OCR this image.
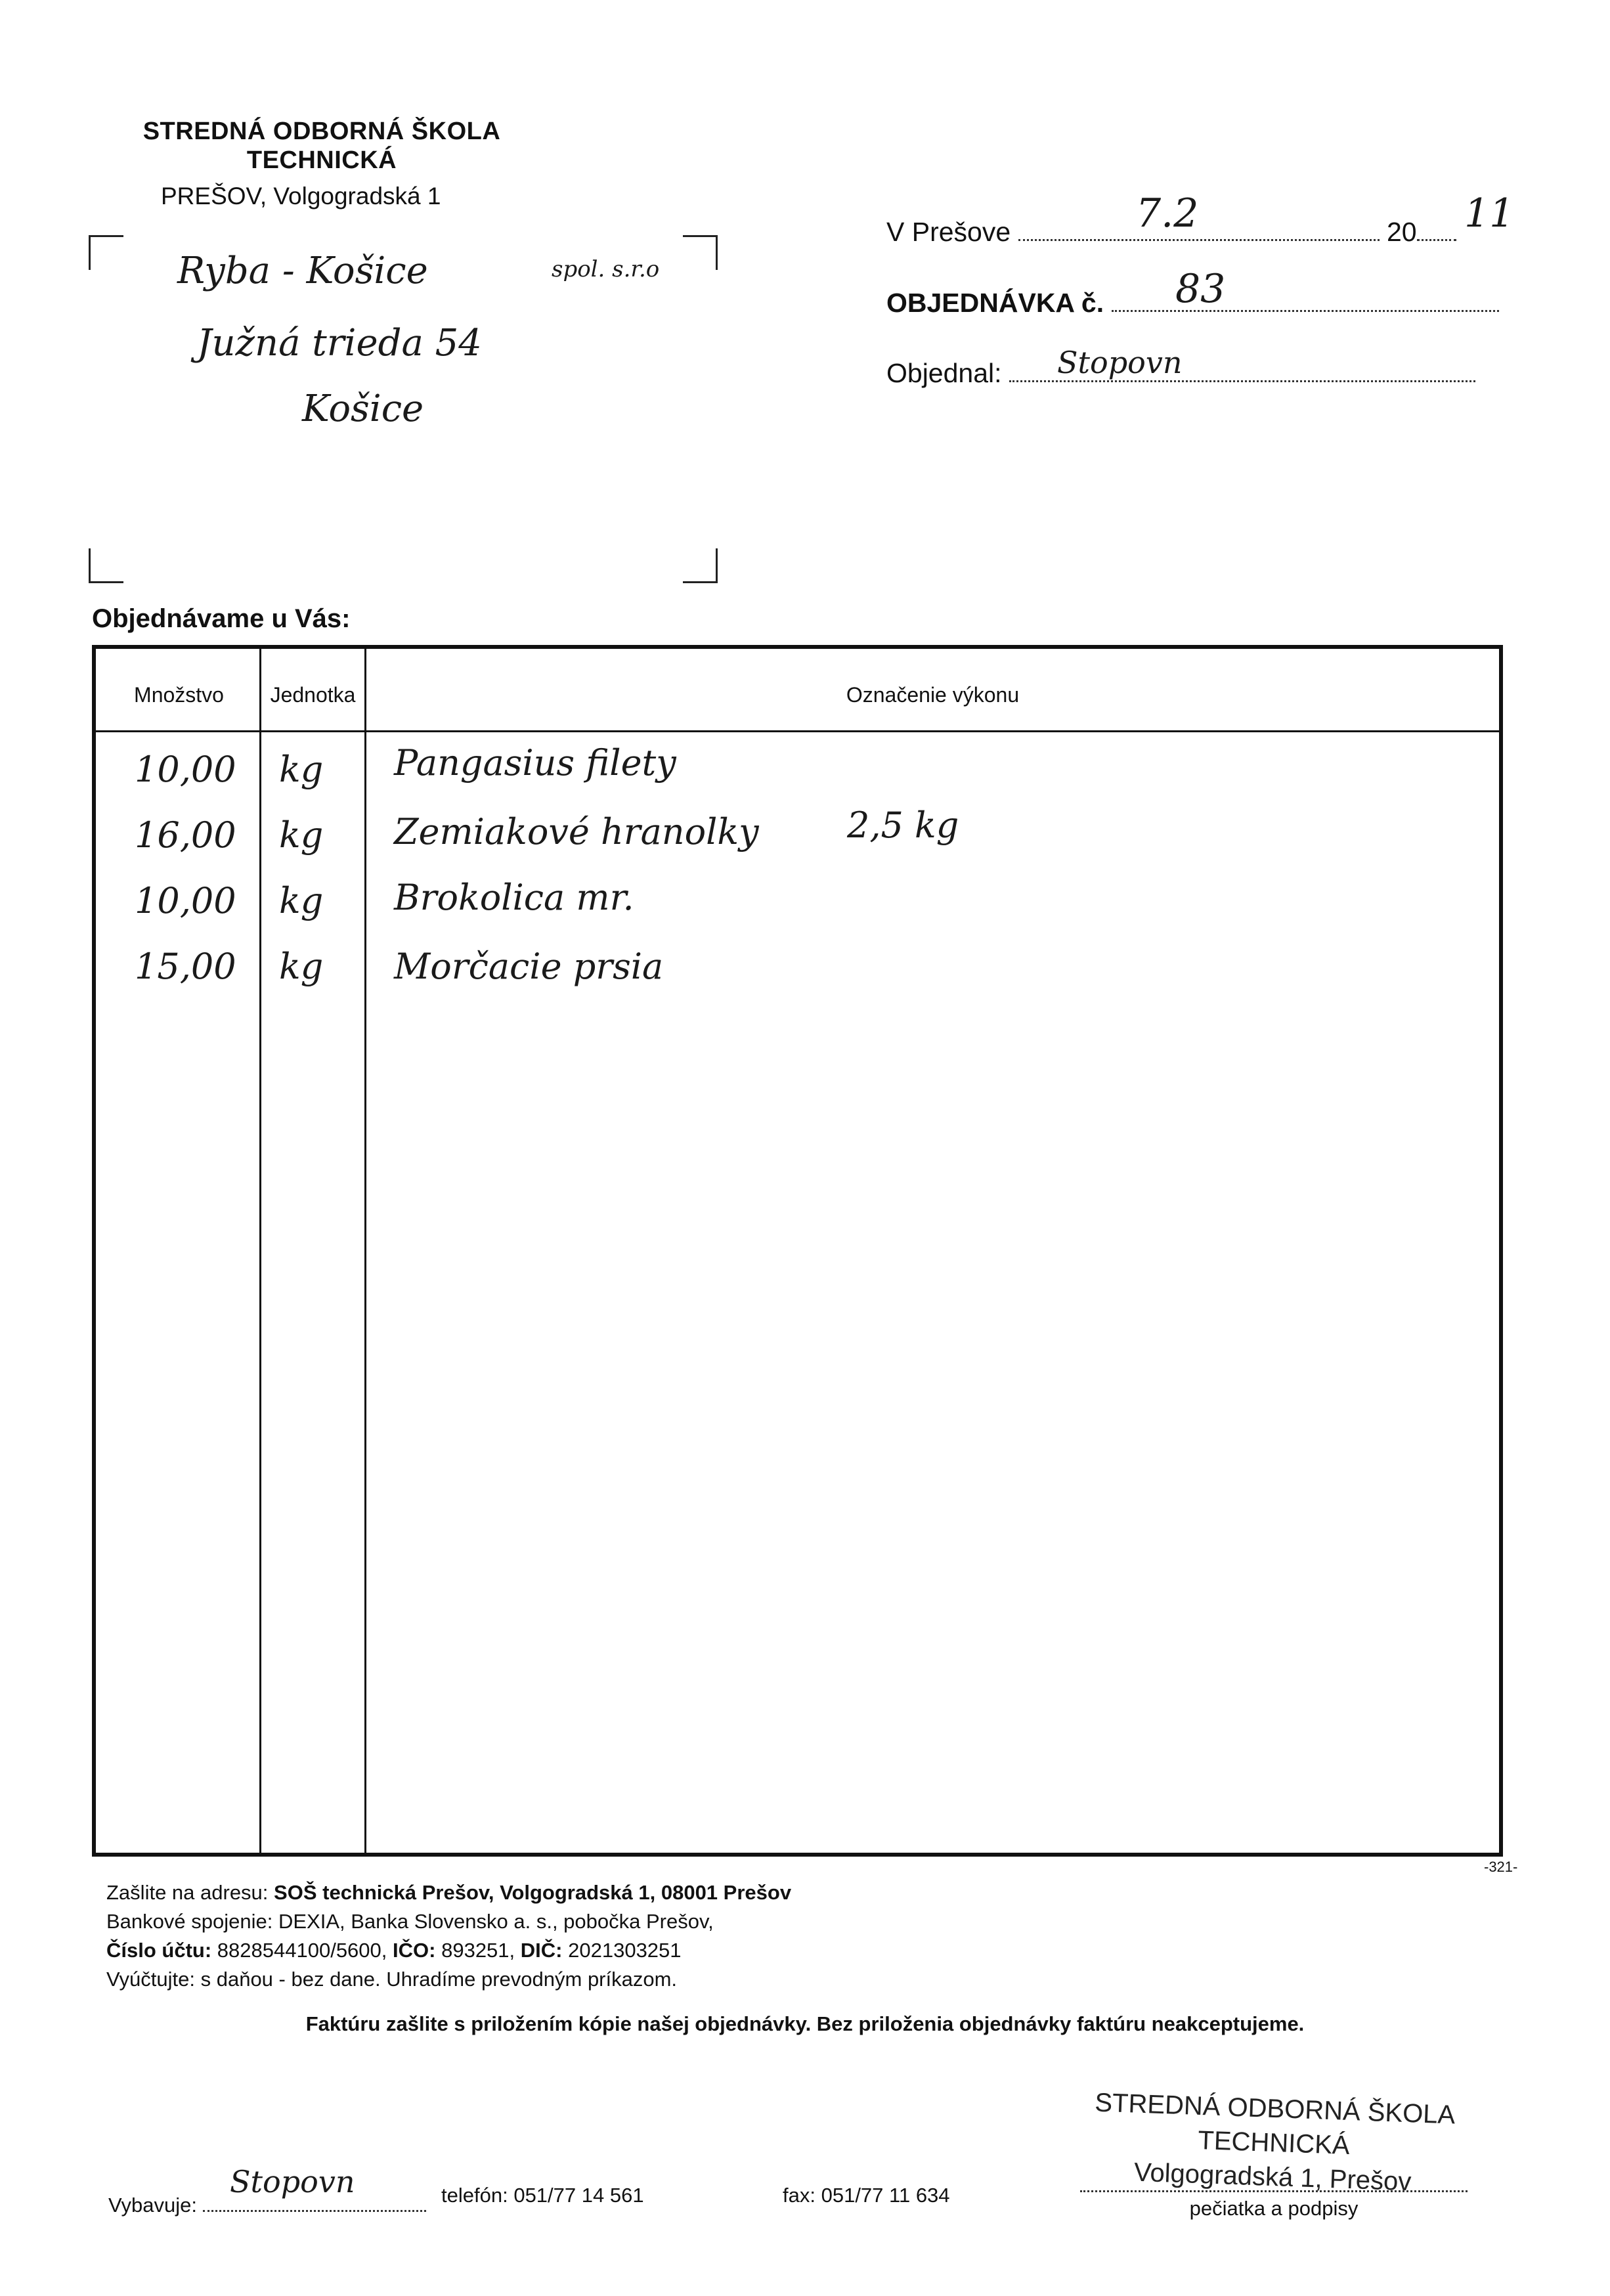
STREDNÁ ODBORNÁ ŠKOLA
TECHNICKÁ
PREŠOV, Volgogradská 1
Ryba - Košice	spol. s.r.o
Južná trieda 54
Košice
V Prešove	20
7.2	11
OBJEDNÁVKA č.	83
Objednal:	Stopovn
Objednávame u Vás:
Množstvo	Jednotka	Označenie výkonu
10,00 kg Pangasius filety
16,00 kg Zemiakové hranolky 2,5 kg
10,00 kg Brokolica mr.
15,00 kg Morčacie prsia
-321-
Zašlite na adresu: SOŠ technická Prešov, Volgogradská 1, 08001 Prešov
Bankové spojenie: DEXIA, Banka Slovensko a. s., pobočka Prešov,
Číslo účtu: 8828544100/5600, IČO: 893251, DIČ: 2021303251
Vyúčtujte: s daňou - bez dane. Uhradíme prevodným príkazom.
Faktúru zašlite s priložením kópie našej objednávky. Bez priloženia objednávky faktúru neakceptujeme.
STREDNÁ ODBORNÁ ŠKOLA
TECHNICKÁ
Volgogradská 1, Prešov
pečiatka a podpisy
Vybavuje:
Stopovn	telefón: 051/77 14 561	fax: 051/77 11 634
